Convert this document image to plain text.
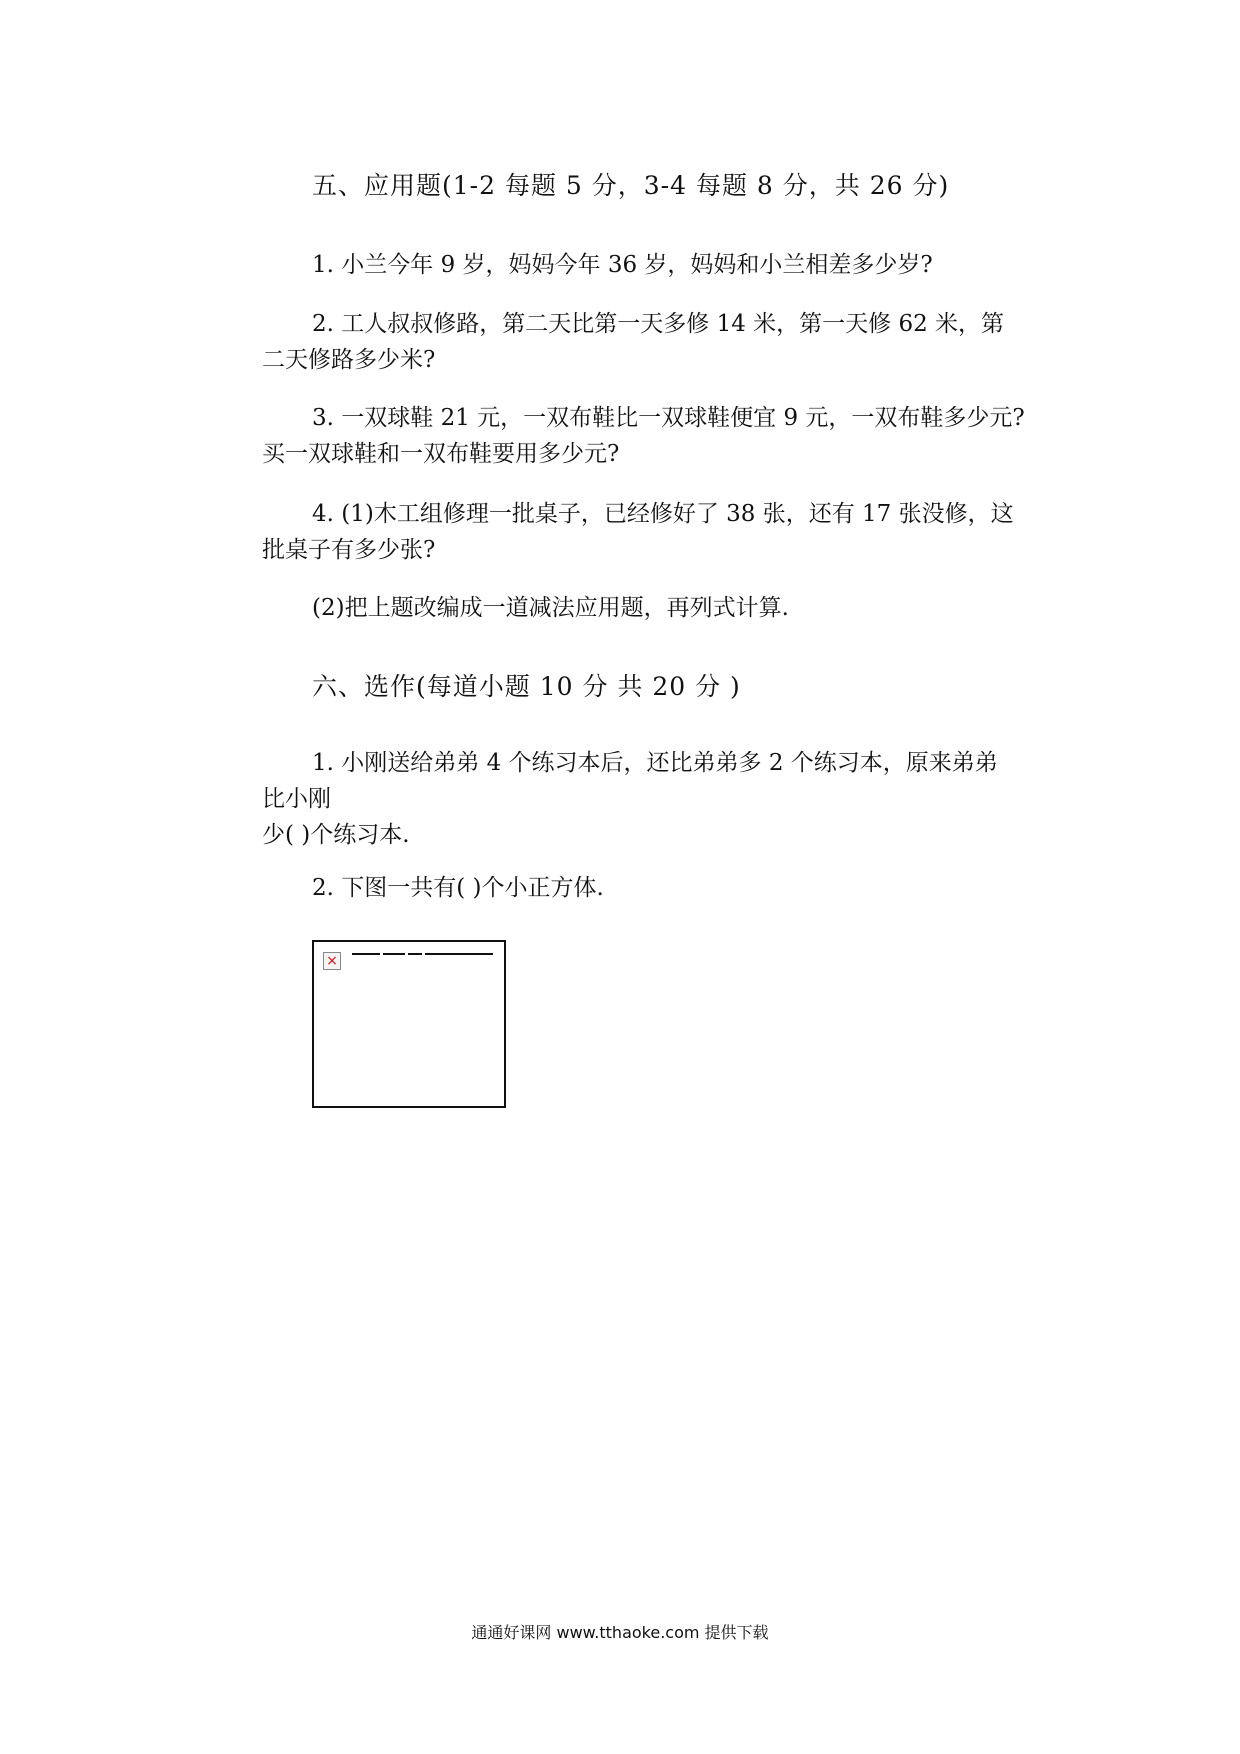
五、应用题(1-2 每题 5 分，3-4 每题 8 分，共 26 分)
1. 小兰今年 9 岁，妈妈今年 36 岁，妈妈和小兰相差多少岁?
2. 工人叔叔修路，第二天比第一天多修 14 米，第一天修 62 米，第
二天修路多少米?
3. 一双球鞋 21 元，一双布鞋比一双球鞋便宜 9 元，一双布鞋多少元?
买一双球鞋和一双布鞋要用多少元?
4. (1)木工组修理一批桌子，已经修好了 38 张，还有 17 张没修，这
批桌子有多少张?
(2)把上题改编成一道减法应用题，再列式计算.
六、选作(每道小题 10 分 共 20 分 )
1. 小刚送给弟弟 4 个练习本后，还比弟弟多 2 个练习本，原来弟弟
比小刚
少( )个练习本.
2. 下图一共有( )个小正方体.
×
通通好课网 www.tthaoke.com 提供下载
